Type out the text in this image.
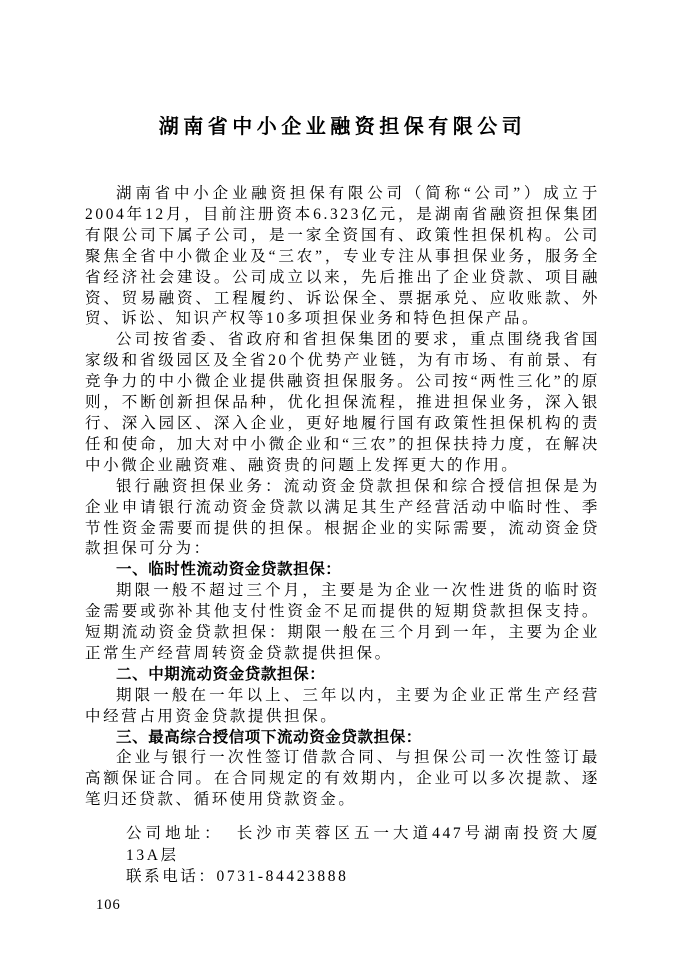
湖南省中小企业融资担保有限公司

湖南省中小企业融资担保有限公司（简称“公司”）成立于2004年12月，目前注册资本6.323亿元，是湖南省融资担保集团有限公司下属子公司，是一家全资国有、政策性担保机构。公司聚焦全省中小微企业及“三农”，专业专注从事担保业务，服务全省经济社会建设。公司成立以来，先后推出了企业贷款、项目融资、贸易融资、工程履约、诉讼保全、票据承兑、应收账款、外贸、诉讼、知识产权等10多项担保业务和特色担保产品。

公司按省委、省政府和省担保集团的要求，重点围绕我省国家级和省级园区及全省20个优势产业链，为有市场、有前景、有竞争力的中小微企业提供融资担保服务。公司按“两性三化”的原则，不断创新担保品种，优化担保流程，推进担保业务，深入银行、深入园区、深入企业，更好地履行国有政策性担保机构的责任和使命，加大对中小微企业和“三农”的担保扶持力度，在解决中小微企业融资难、融资贵的问题上发挥更大的作用。

银行融资担保业务：流动资金贷款担保和综合授信担保是为企业申请银行流动资金贷款以满足其生产经营活动中临时性、季节性资金需要而提供的担保。根据企业的实际需要，流动资金贷款担保可分为：

一、临时性流动资金贷款担保：

期限一般不超过三个月，主要是为企业一次性进货的临时资金需要或弥补其他支付性资金不足而提供的短期贷款担保支持。短期流动资金贷款担保：期限一般在三个月到一年，主要为企业正常生产经营周转资金贷款提供担保。

二、中期流动资金贷款担保：

期限一般在一年以上、三年以内，主要为企业正常生产经营中经营占用资金贷款提供担保。

三、最高综合授信项下流动资金贷款担保：

企业与银行一次性签订借款合同、与担保公司一次性签订最高额保证合同。在合同规定的有效期内，企业可以多次提款、逐笔归还贷款、循环使用贷款资金。

公司地址： 长沙市芙蓉区五一大道447号湖南投资大厦13A层

联系电话：0731-84423888

106
